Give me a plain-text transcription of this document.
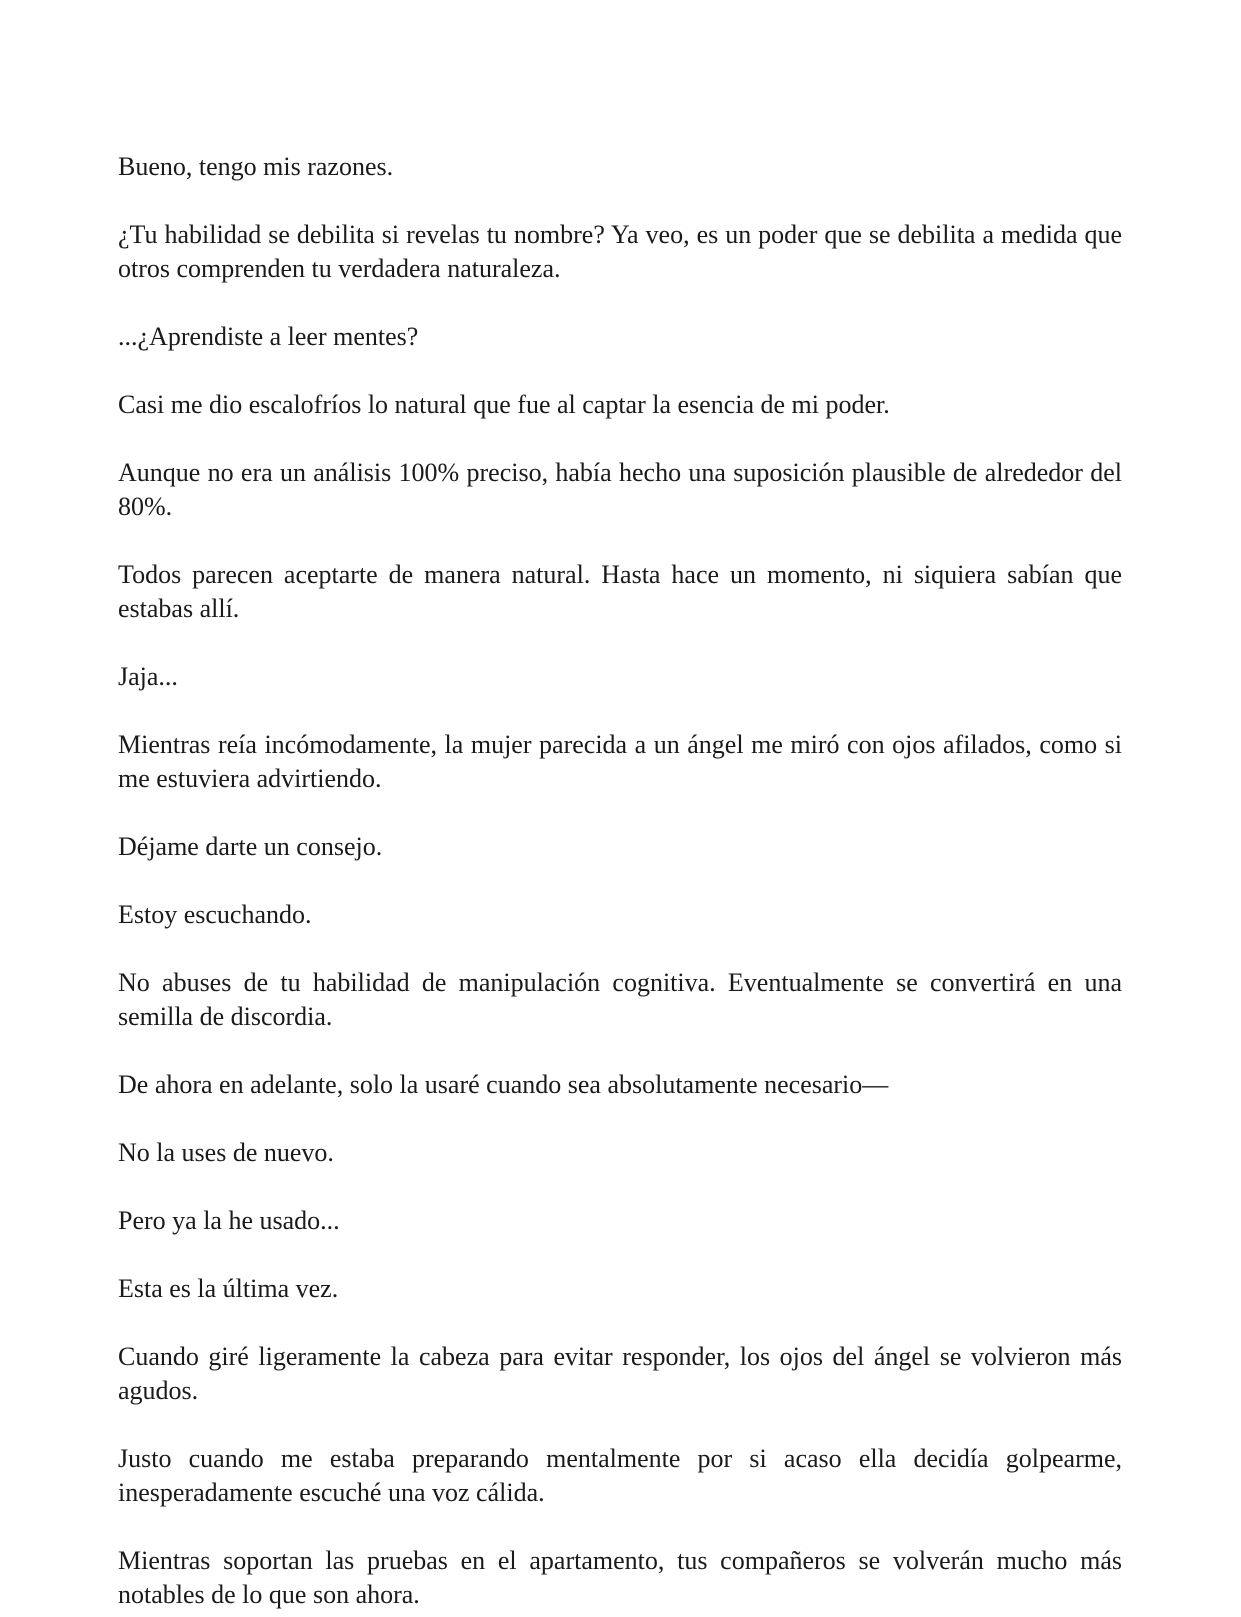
Bueno, tengo mis razones.

¿Tu habilidad se debilita si revelas tu nombre? Ya veo, es un poder que se debilita a medida que otros comprenden tu verdadera naturaleza.

...¿Aprendiste a leer mentes?

Casi me dio escalofríos lo natural que fue al captar la esencia de mi poder.

Aunque no era un análisis 100% preciso, había hecho una suposición plausible de alrededor del 80%.

Todos parecen aceptarte de manera natural. Hasta hace un momento, ni siquiera sabían que estabas allí.

Jaja...

Mientras reía incómodamente, la mujer parecida a un ángel me miró con ojos afilados, como si me estuviera advirtiendo.

Déjame darte un consejo.

Estoy escuchando.

No abuses de tu habilidad de manipulación cognitiva. Eventualmente se convertirá en una semilla de discordia.

De ahora en adelante, solo la usaré cuando sea absolutamente necesario—

No la uses de nuevo.

Pero ya la he usado...

Esta es la última vez.

Cuando giré ligeramente la cabeza para evitar responder, los ojos del ángel se volvieron más agudos.

Justo cuando me estaba preparando mentalmente por si acaso ella decidía golpearme, inesperadamente escuché una voz cálida.

Mientras soportan las pruebas en el apartamento, tus compañeros se volverán mucho más notables de lo que son ahora.
